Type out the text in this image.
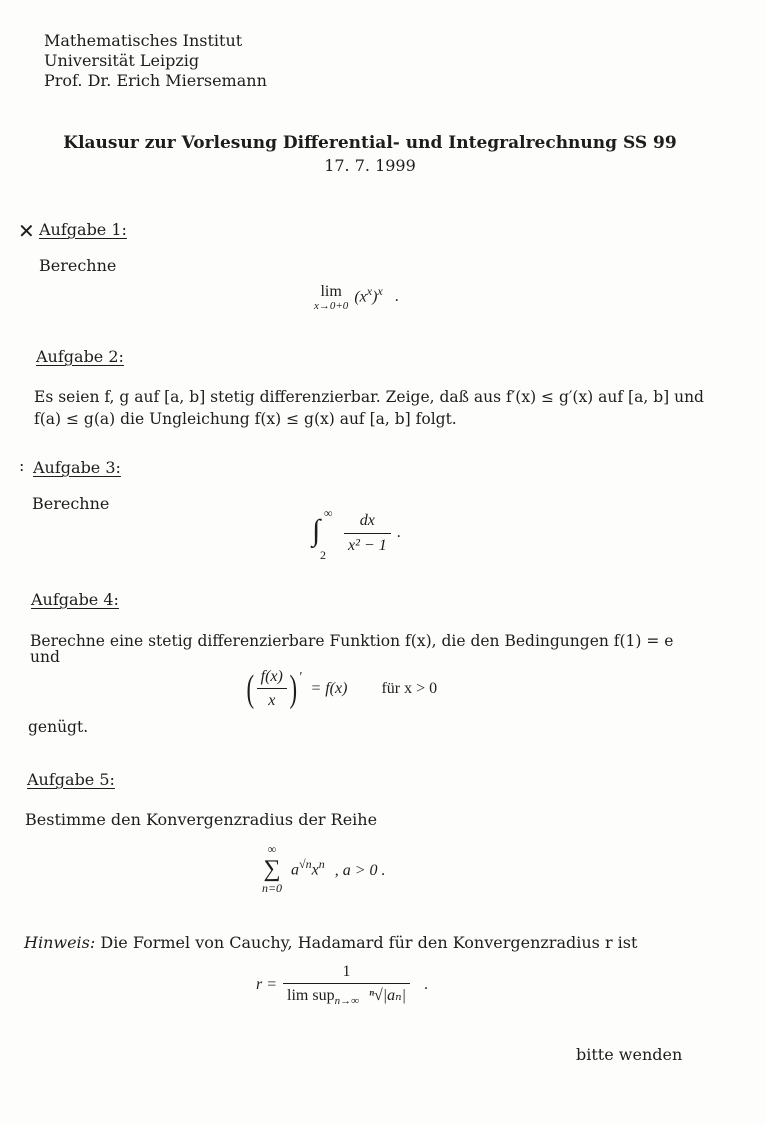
Mathematisches Institut
Universität Leipzig
Prof. Dr. Erich Miersemann
Klausur zur Vorlesung Differential- und Integralrechnung SS 99
17. 7. 1999
✕ Aufgabe 1:
Berechne
lim
x→0+0
$(x^x)^x$ .
Aufgabe 2:
Es seien f, g auf [a, b] stetig differenzierbar. Zeige, daß aus f′(x) ≤ g′(x) auf [a, b] und
f(a) ≤ g(a) die Ungleichung f(x) ≤ g(x) auf [a, b] folgt.
: Aufgabe 3:
Berechne
∫
∞
2
$\frac{dx}{\text{x² − 1}}$ .
Aufgabe 4:
Berechne eine stetig differenzierbare Funktion f(x), die den Bedingungen f(1) = e
und
( $\frac{f(x)}{x} )'$
= f(x) für x > 0
genügt.
Aufgabe 5:
Bestimme den Konvergenzradius der Reihe
∞
∑
n=0
$a^{√n}x^n$ , a > 0 .
Hinweis: Die Formel von Cauchy, Hadamard für den Konvergenzradius r ist
$r = \frac{1}{\lim sup_{n\to\infty} ^n√|a_n|}$ .
bitte wenden
